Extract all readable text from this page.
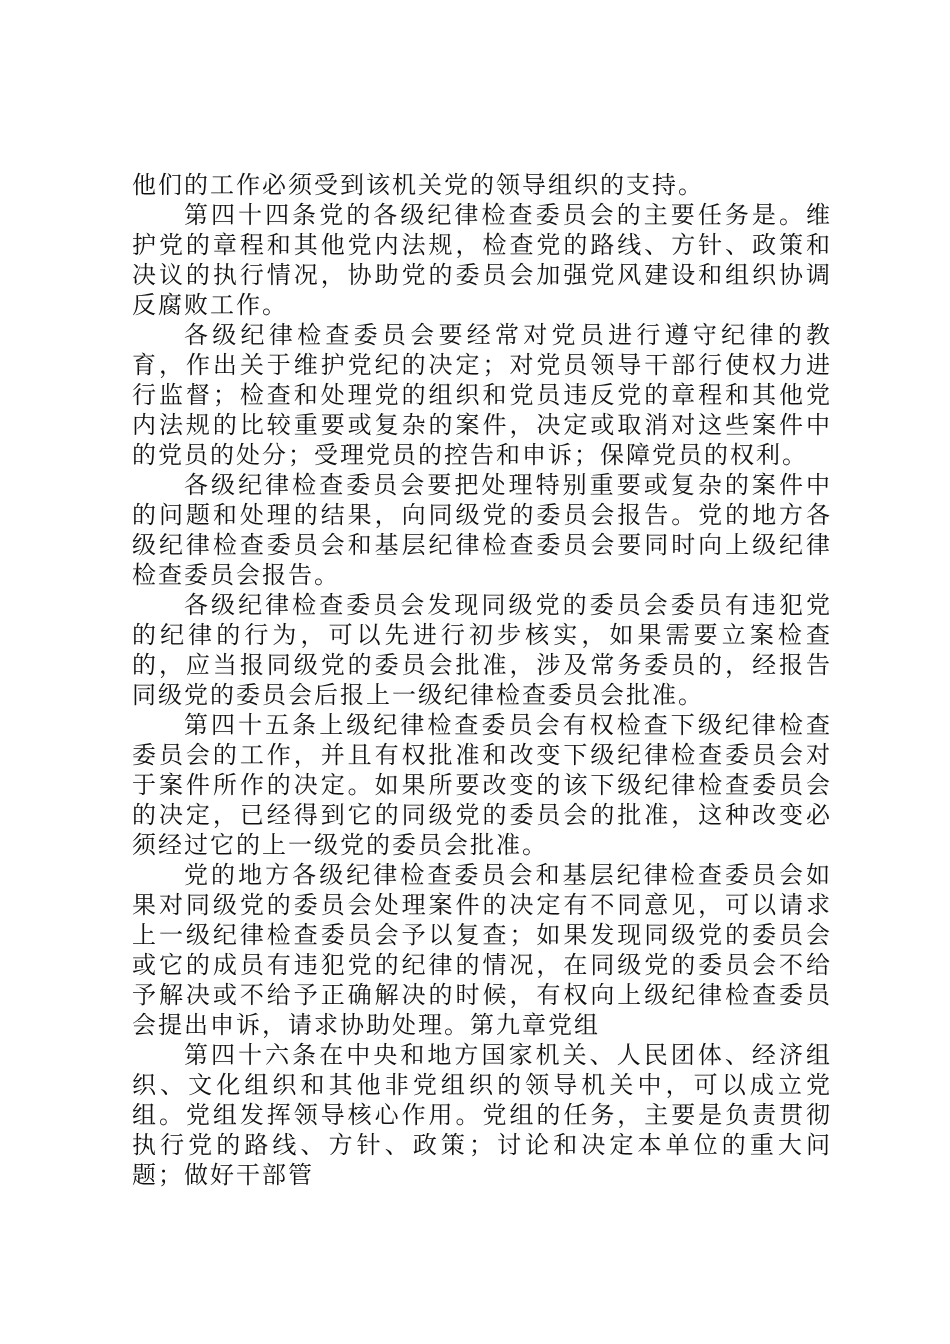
他们的工作必须受到该机关党的领导组织的支持。

第四十四条党的各级纪律检查委员会的主要任务是。维护党的章程和其他党内法规，检查党的路线、方针、政策和决议的执行情况，协助党的委员会加强党风建设和组织协调反腐败工作。

各级纪律检查委员会要经常对党员进行遵守纪律的教育，作出关于维护党纪的决定；对党员领导干部行使权力进行监督；检查和处理党的组织和党员违反党的章程和其他党内法规的比较重要或复杂的案件，决定或取消对这些案件中的党员的处分；受理党员的控告和申诉；保障党员的权利。

各级纪律检查委员会要把处理特别重要或复杂的案件中的问题和处理的结果，向同级党的委员会报告。党的地方各级纪律检查委员会和基层纪律检查委员会要同时向上级纪律检查委员会报告。

各级纪律检查委员会发现同级党的委员会委员有违犯党的纪律的行为，可以先进行初步核实，如果需要立案检查的，应当报同级党的委员会批准，涉及常务委员的，经报告同级党的委员会后报上一级纪律检查委员会批准。

第四十五条上级纪律检查委员会有权检查下级纪律检查委员会的工作，并且有权批准和改变下级纪律检查委员会对于案件所作的决定。如果所要改变的该下级纪律检查委员会的决定，已经得到它的同级党的委员会的批准，这种改变必须经过它的上一级党的委员会批准。

党的地方各级纪律检查委员会和基层纪律检查委员会如果对同级党的委员会处理案件的决定有不同意见，可以请求上一级纪律检查委员会予以复查；如果发现同级党的委员会或它的成员有违犯党的纪律的情况，在同级党的委员会不给予解决或不给予正确解决的时候，有权向上级纪律检查委员会提出申诉，请求协助处理。第九章党组

第四十六条在中央和地方国家机关、人民团体、经济组织、文化组织和其他非党组织的领导机关中，可以成立党组。党组发挥领导核心作用。党组的任务，主要是负责贯彻执行党的路线、方针、政策；讨论和决定本单位的重大问题；做好干部管
